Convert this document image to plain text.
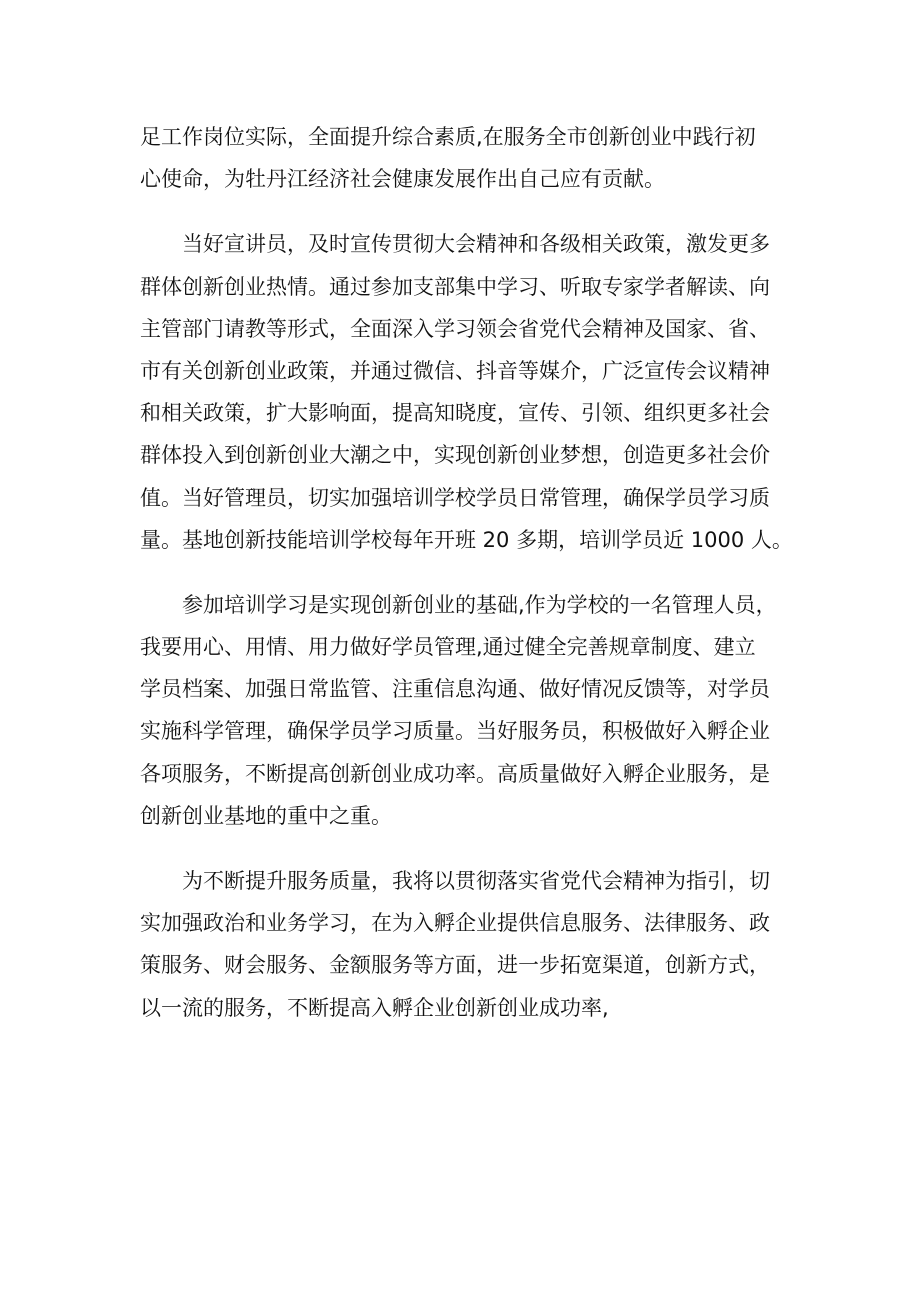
足工作岗位实际，全面提升综合素质,在服务全市创新创业中践行初
心使命，为牡丹江经济社会健康发展作出自己应有贡献。
当好宣讲员，及时宣传贯彻大会精神和各级相关政策，激发更多
群体创新创业热情。通过参加支部集中学习、听取专家学者解读、向
主管部门请教等形式，全面深入学习领会省党代会精神及国家、省、
市有关创新创业政策，并通过微信、抖音等媒介，广泛宣传会议精神
和相关政策，扩大影响面，提高知晓度，宣传、引领、组织更多社会
群体投入到创新创业大潮之中，实现创新创业梦想，创造更多社会价
值。当好管理员，切实加强培训学校学员日常管理，确保学员学习质
量。基地创新技能培训学校每年开班 20 多期，培训学员近 1000 人。
参加培训学习是实现创新创业的基础,作为学校的一名管理人员，
我要用心、用情、用力做好学员管理,通过健全完善规章制度、建立
学员档案、加强日常监管、注重信息沟通、做好情况反馈等，对学员
实施科学管理，确保学员学习质量。当好服务员，积极做好入孵企业
各项服务，不断提高创新创业成功率。高质量做好入孵企业服务，是
创新创业基地的重中之重。
为不断提升服务质量，我将以贯彻落实省党代会精神为指引，切
实加强政治和业务学习，在为入孵企业提供信息服务、法律服务、政
策服务、财会服务、金额服务等方面，进一步拓宽渠道，创新方式，
以一流的服务，不断提高入孵企业创新创业成功率,
